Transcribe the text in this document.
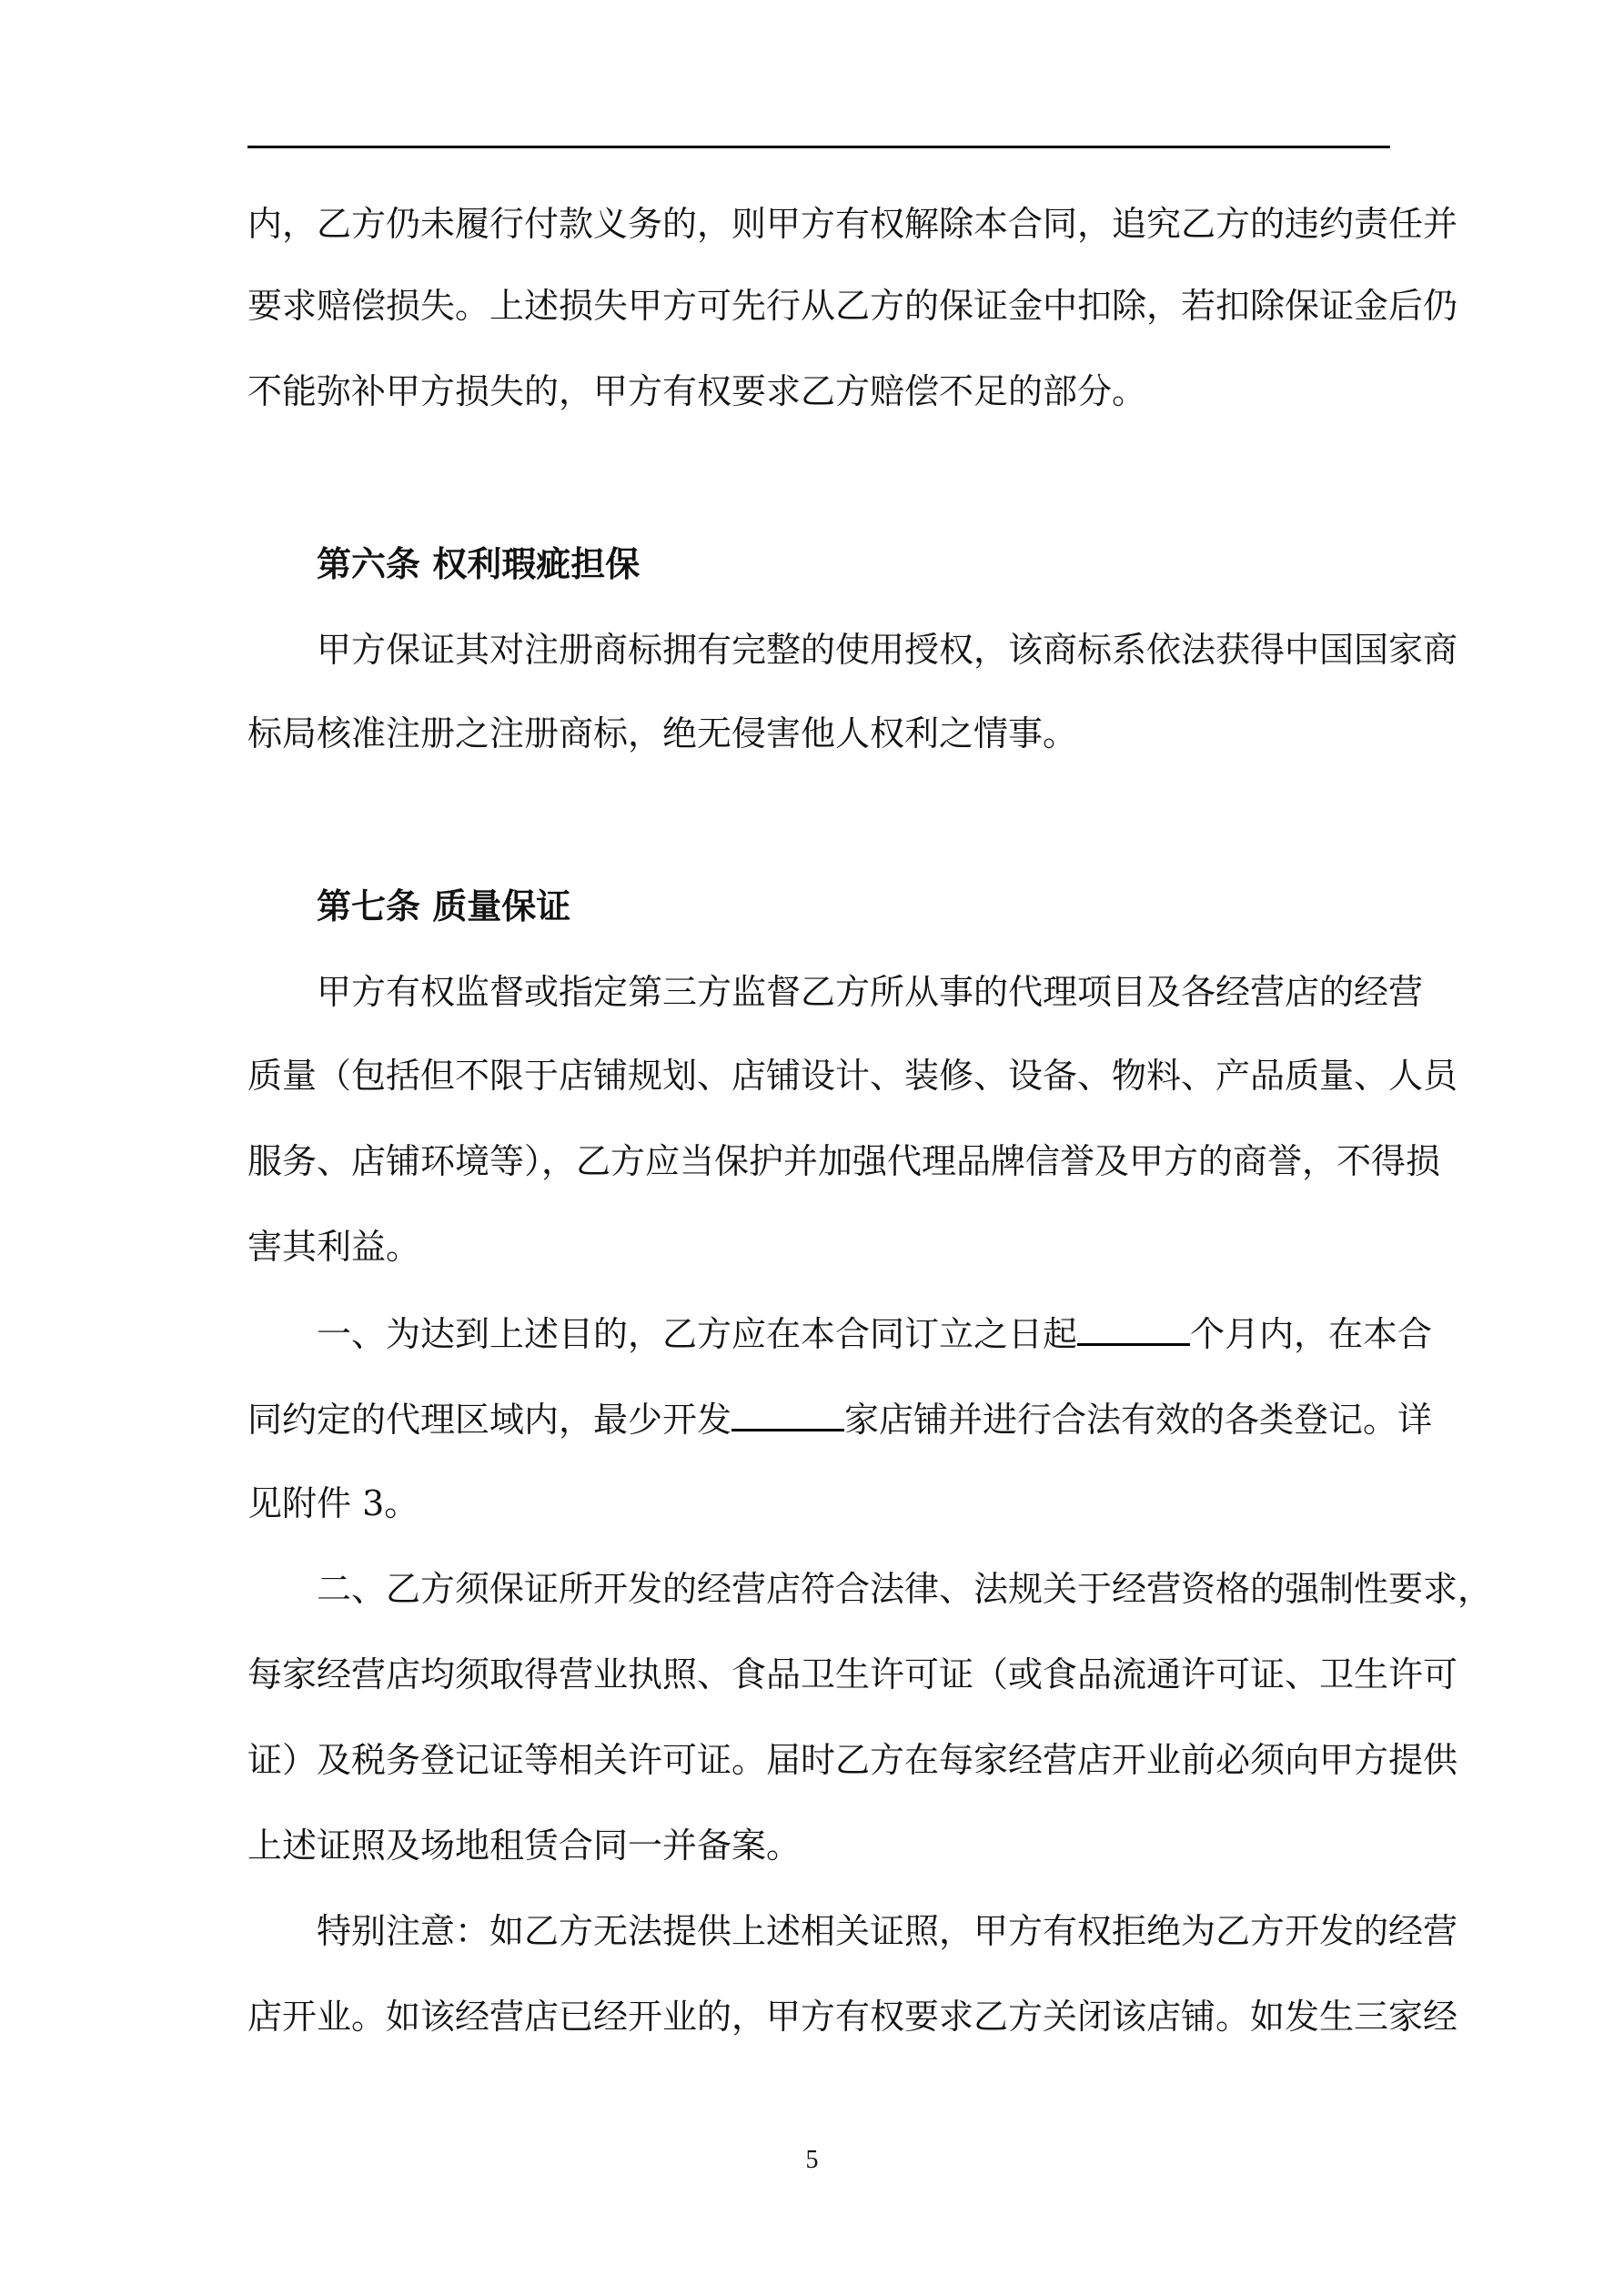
内，乙方仍未履行付款义务的，则甲方有权解除本合同，追究乙方的违约责任并
要求赔偿损失。上述损失甲方可先行从乙方的保证金中扣除，若扣除保证金后仍
不能弥补甲方损失的，甲方有权要求乙方赔偿不足的部分。
第六条 权利瑕疵担保
甲方保证其对注册商标拥有完整的使用授权，该商标系依法获得中国国家商
标局核准注册之注册商标，绝无侵害他人权利之情事。
第七条 质量保证
甲方有权监督或指定第三方监督乙方所从事的代理项目及各经营店的经营
质量（包括但不限于店铺规划、店铺设计、装修、设备、物料、产品质量、人员
服务、店铺环境等），乙方应当保护并加强代理品牌信誉及甲方的商誉，不得损
害其利益。
一、为达到上述目的，乙方应在本合同订立之日起	个月内，在本合
同约定的代理区域内，最少开发	家店铺并进行合法有效的各类登记。详
见附件 3。
二、乙方须保证所开发的经营店符合法律、法规关于经营资格的强制性要求，
每家经营店均须取得营业执照、食品卫生许可证（或食品流通许可证、卫生许可
证）及税务登记证等相关许可证。届时乙方在每家经营店开业前必须向甲方提供
上述证照及场地租赁合同一并备案。
特别注意：如乙方无法提供上述相关证照，甲方有权拒绝为乙方开发的经营
店开业。如该经营店已经开业的，甲方有权要求乙方关闭该店铺。如发生三家经
5
